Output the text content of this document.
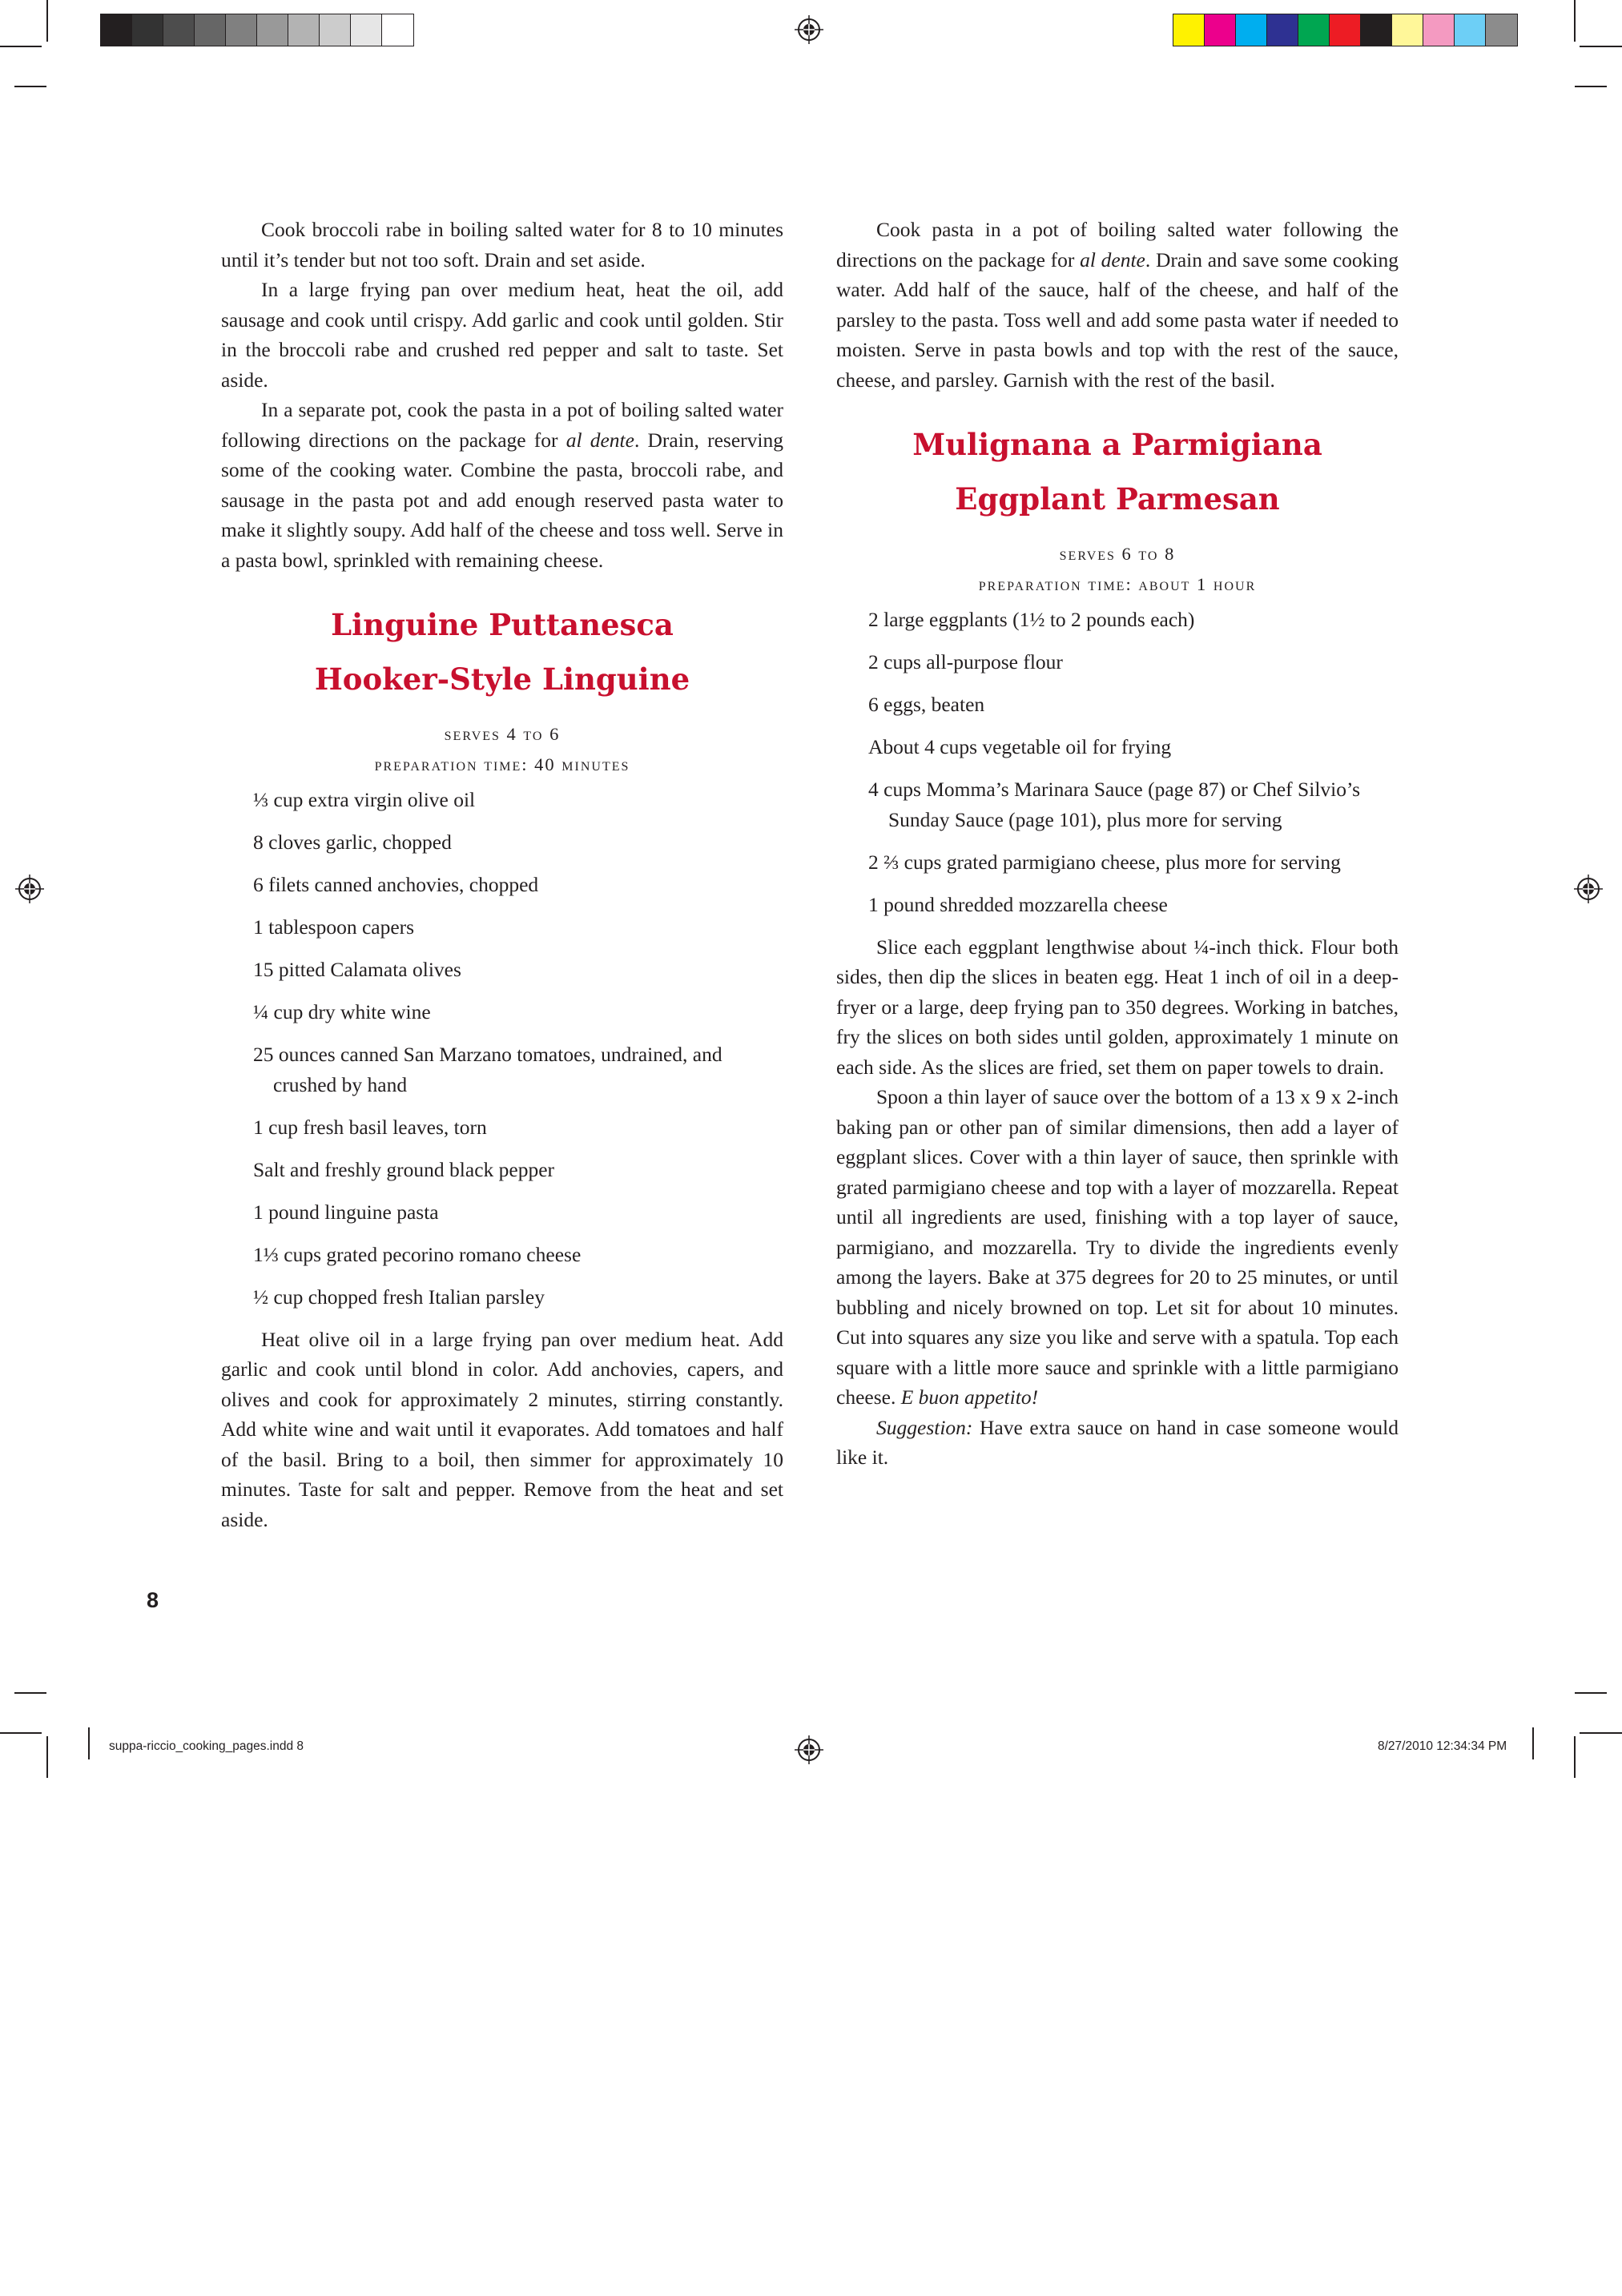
Cook broccoli rabe in boiling salted water for 8 to 10 minutes until it’s tender but not too soft. Drain and set aside.

In a large frying pan over medium heat, heat the oil, add sausage and cook until crispy. Add garlic and cook until golden. Stir in the broccoli rabe and crushed red pepper and salt to taste. Set aside.

In a separate pot, cook the pasta in a pot of boiling salted water following directions on the package for al dente. Drain, reserving some of the cooking water. Combine the pasta, broccoli rabe, and sausage in the pasta pot and add enough reserved pasta water to make it slightly soupy. Add half of the cheese and toss well. Serve in a pasta bowl, sprinkled with remaining cheese.

Linguine Puttanesca
Hooker-Style Linguine

serves 4 to 6

preparation time: 40 minutes

⅓ cup extra virgin olive oil
8 cloves garlic, chopped
6 filets canned anchovies, chopped
1 tablespoon capers
15 pitted Calamata olives
¼ cup dry white wine
25 ounces canned San Marzano tomatoes, undrained, and crushed by hand
1 cup fresh basil leaves, torn
Salt and freshly ground black pepper
1 pound linguine pasta
1⅓ cups grated pecorino romano cheese
½ cup chopped fresh Italian parsley

Heat olive oil in a large frying pan over medium heat. Add garlic and cook until blond in color. Add anchovies, capers, and olives and cook for approximately 2 minutes, stirring constantly. Add white wine and wait until it evaporates. Add tomatoes and half of the basil. Bring to a boil, then simmer for approximately 10 minutes. Taste for salt and pepper. Remove from the heat and set aside.

Cook pasta in a pot of boiling salted water following the directions on the package for al dente. Drain and save some cooking water. Add half of the sauce, half of the cheese, and half of the parsley to the pasta. Toss well and add some pasta water if needed to moisten. Serve in pasta bowls and top with the rest of the sauce, cheese, and parsley. Garnish with the rest of the basil.

Mulignana a Parmigiana
Eggplant Parmesan

serves 6 to 8

preparation time: about 1 hour

2 large eggplants (1½ to 2 pounds each)
2 cups all-purpose flour
6 eggs, beaten
About 4 cups vegetable oil for frying
4 cups Momma’s Marinara Sauce (page 87) or Chef Silvio’s Sunday Sauce (page 101), plus more for serving
2 ⅔ cups grated parmigiano cheese, plus more for serving
1 pound shredded mozzarella cheese

Slice each eggplant lengthwise about ¼-inch thick. Flour both sides, then dip the slices in beaten egg. Heat 1 inch of oil in a deep-fryer or a large, deep frying pan to 350 degrees. Working in batches, fry the slices on both sides until golden, approximately 1 minute on each side. As the slices are fried, set them on paper towels to drain.

Spoon a thin layer of sauce over the bottom of a 13 x 9 x 2-inch baking pan or other pan of similar dimensions, then add a layer of eggplant slices. Cover with a thin layer of sauce, then sprinkle with grated parmigiano cheese and top with a layer of mozzarella. Repeat until all ingredients are used, finishing with a top layer of sauce, parmigiano, and mozzarella. Try to divide the ingredients evenly among the layers. Bake at 375 degrees for 20 to 25 minutes, or until bubbling and nicely browned on top. Let sit for about 10 minutes. Cut into squares any size you like and serve with a spatula. Top each square with a little more sauce and sprinkle with a little parmigiano cheese. E buon appetito!

Suggestion: Have extra sauce on hand in case someone would like it.

8
suppa-riccio_cooking_pages.indd 8	8/27/2010 12:34:34 PM
